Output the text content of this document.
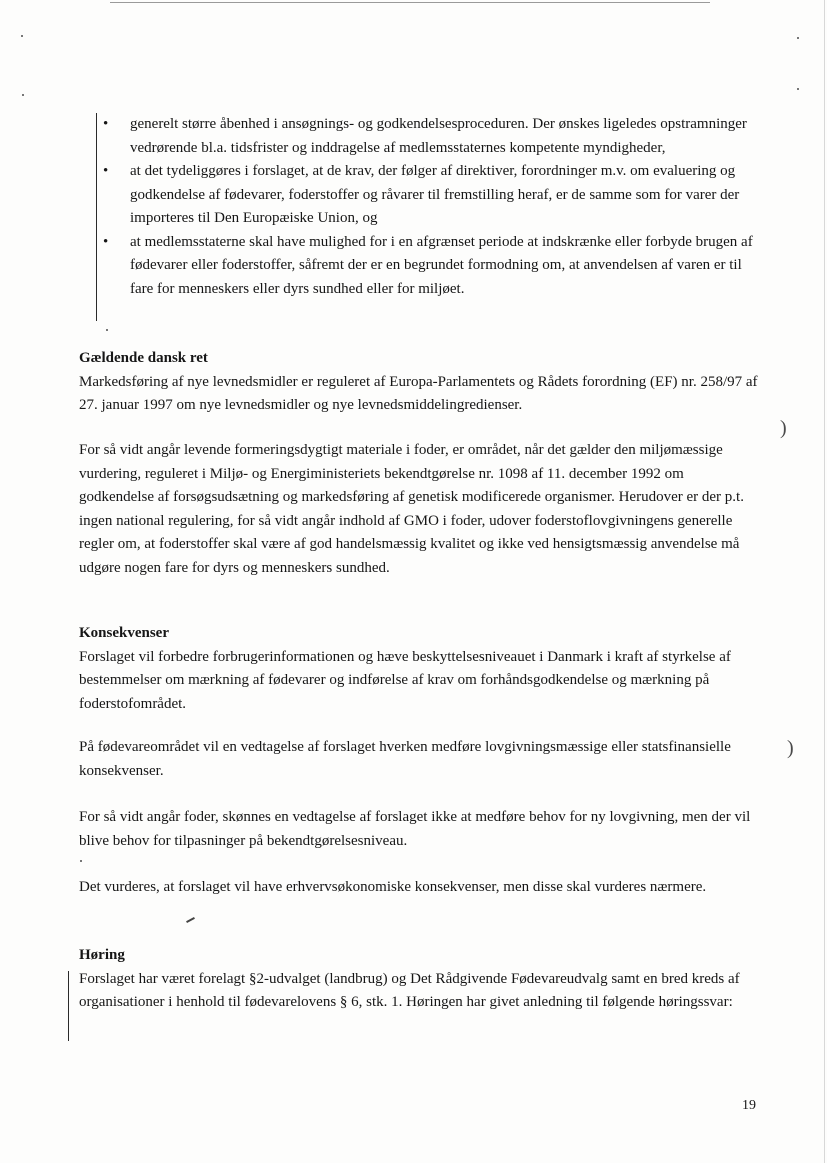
)
)
• generelt større åbenhed i ansøgnings- og godkendelsesproceduren. Der ønskes ligeledes opstramninger vedrørende bl.a. tidsfrister og inddragelse af medlemsstaternes kompetente myndigheder,
• at det tydeliggøres i forslaget, at de krav, der følger af direktiver, forordninger m.v. om evaluering og godkendelse af fødevarer, foderstoffer og råvarer til fremstilling heraf, er de samme som for varer der importeres til Den Europæiske Union, og
• at medlemsstaterne skal have mulighed for i en afgrænset periode at indskrænke eller forbyde brugen af fødevarer eller foderstoffer, såfremt der er en begrundet formodning om, at anvendelsen af varen er til fare for menneskers eller dyrs sundhed eller for miljøet.
Gældende dansk ret
Markedsføring af nye levnedsmidler er reguleret af Europa-Parlamentets og Rådets forordning (EF) nr. 258/97 af 27. januar 1997 om nye levnedsmidler og nye levnedsmiddelingredienser.
For så vidt angår levende formeringsdygtigt materiale i foder, er området, når det gælder den miljømæssige vurdering, reguleret i Miljø- og Energiministeriets bekendtgørelse nr. 1098 af 11. december 1992 om godkendelse af forsøgsudsætning og markedsføring af genetisk modificerede organismer. Herudover er der p.t. ingen national regulering, for så vidt angår indhold af GMO i foder, udover foderstoflovgivningens generelle regler om, at foderstoffer skal være af god handelsmæssig kvalitet og ikke ved hensigtsmæssig anvendelse må udgøre nogen fare for dyrs og menneskers sundhed.
Konsekvenser
Forslaget vil forbedre forbrugerinformationen og hæve beskyttelsesniveauet i Danmark i kraft af styrkelse af bestemmelser om mærkning af fødevarer og indførelse af krav om forhåndsgodkendelse og mærkning på foderstofområdet.
På fødevareområdet vil en vedtagelse af forslaget hverken medføre lovgivningsmæssige eller statsfinansielle konsekvenser.
For så vidt angår foder, skønnes en vedtagelse af forslaget ikke at medføre behov for ny lovgivning, men der vil blive behov for tilpasninger på bekendtgørelsesniveau.
Det vurderes, at forslaget vil have erhvervsøkonomiske konsekvenser, men disse skal vurderes nærmere.
Høring
Forslaget har været forelagt §2-udvalget (landbrug) og Det Rådgivende Fødevareudvalg samt en bred kreds af organisationer i henhold til fødevarelovens § 6, stk. 1. Høringen har givet anledning til følgende høringssvar:
19
